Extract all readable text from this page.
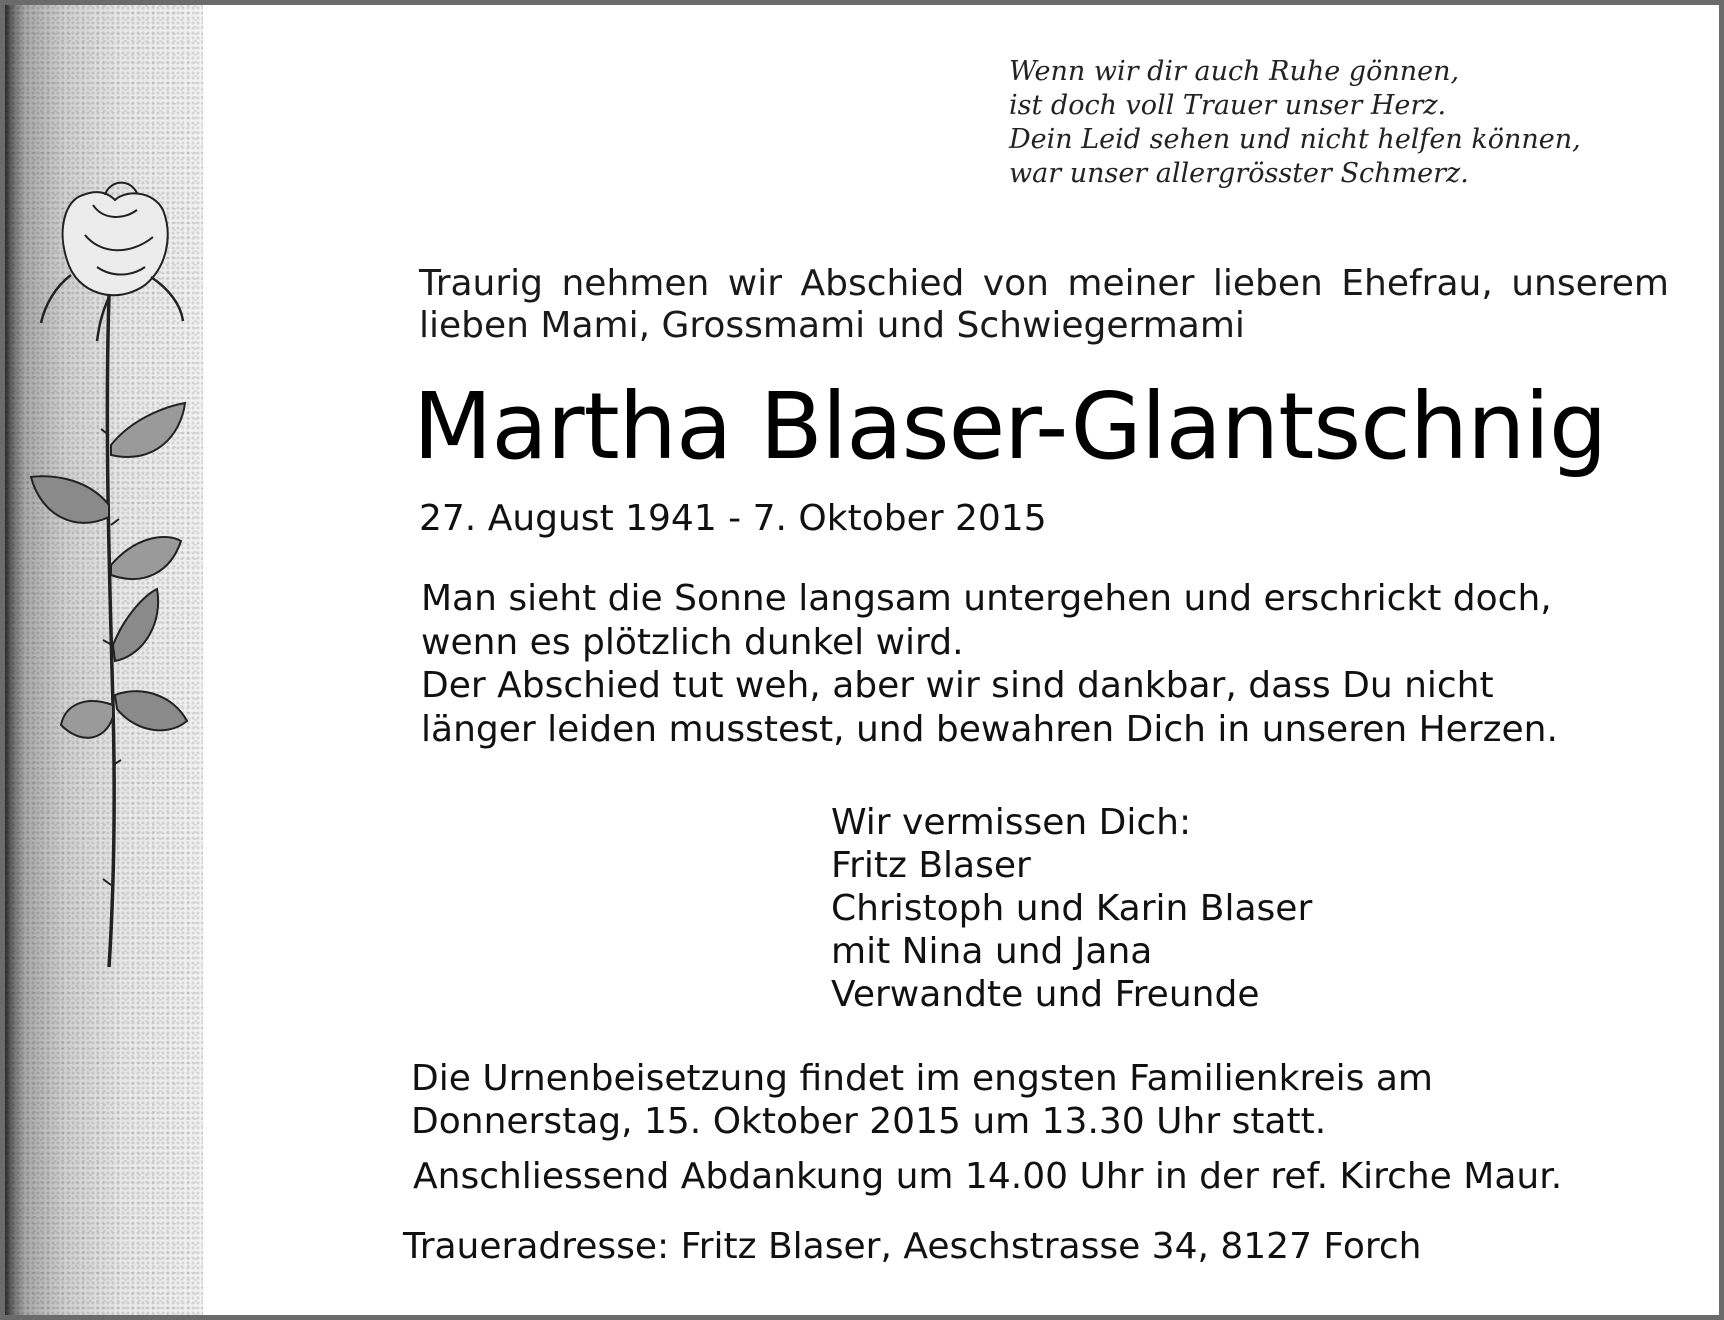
Wenn wir dir auch Ruhe gönnen,
ist doch voll Trauer unser Herz.
Dein Leid sehen und nicht helfen können,
war unser allergrösster Schmerz.
Traurig nehmen wir Abschied von meiner lieben Ehefrau, unserem
lieben Mami, Grossmami und Schwiegermami
Martha Blaser-Glantschnig
27. August 1941 - 7. Oktober 2015
Man sieht die Sonne langsam untergehen und erschrickt doch,
wenn es plötzlich dunkel wird.
Der Abschied tut weh, aber wir sind dankbar, dass Du nicht
länger leiden musstest, und bewahren Dich in unseren Herzen.
Wir vermissen Dich:
Fritz Blaser
Christoph und Karin Blaser
mit Nina und Jana
Verwandte und Freunde
Die Urnenbeisetzung findet im engsten Familienkreis am
Donnerstag, 15. Oktober 2015 um 13.30 Uhr statt.
Anschliessend Abdankung um 14.00 Uhr in der ref. Kirche Maur.
Traueradresse: Fritz Blaser, Aeschstrasse 34, 8127 Forch
